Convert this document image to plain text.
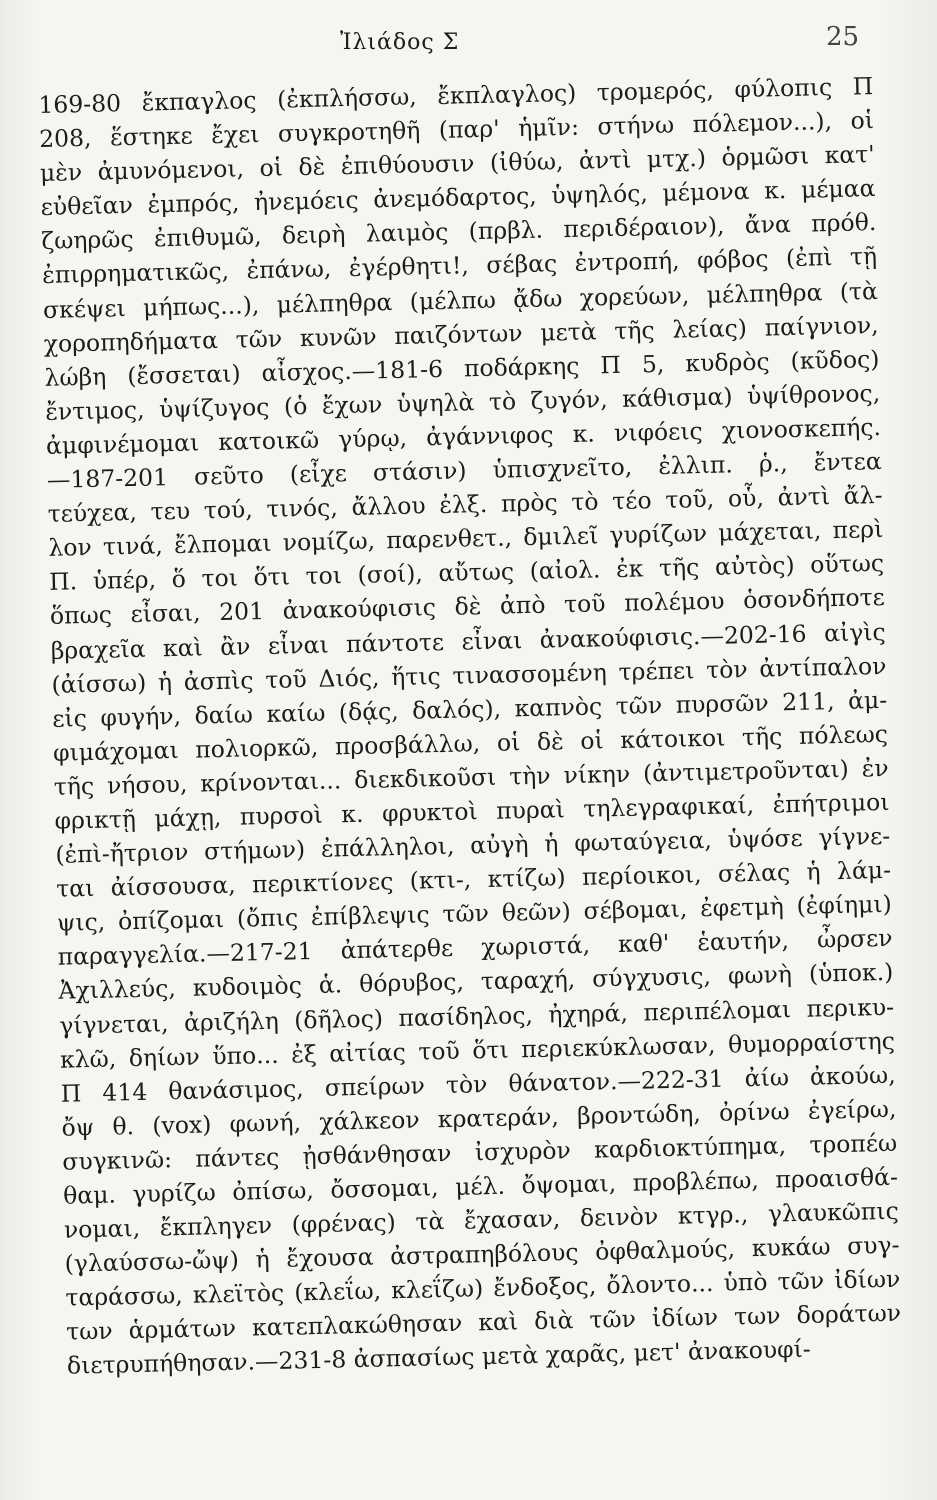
Ἰλιάδος Σ	25
169-80 ἔκπαγλος (ἐκπλήσσω, ἔκπλαγλος) τρομερός, φύλοπις Π
208, ἕστηκε ἔχει συγκροτηθῆ (παρ' ἡμῖν: στήνω πόλεμον...), οἱ
μὲν ἀμυνόμενοι, οἱ δὲ ἐπιθύουσιν (ἰθύω, ἀντὶ μτχ.) ὁρμῶσι κατ'
εὐθεῖαν ἐμπρός, ἠνεμόεις ἀνεμόδαρτος, ὑψηλός, μέμονα κ. μέμαα
ζωηρῶς ἐπιθυμῶ, δειρὴ λαιμὸς (πρβλ. περιδέραιον), ἄνα πρόθ.
ἐπιρρηματικῶς, ἐπάνω, ἐγέρθητι!, σέβας ἐντροπή, φόβος (ἐπὶ τῇ
σκέψει μήπως...), μέλπηθρα (μέλπω ᾄδω χορεύων, μέλπηθρα (τὰ
χοροπηδήματα τῶν κυνῶν παιζόντων μετὰ τῆς λείας) παίγνιον,
λώβη (ἔσσεται) αἶσχος.—181-6 ποδάρκης Π 5, κυδρὸς (κῦδος)
ἔντιμος, ὑψίζυγος (ὁ ἔχων ὑψηλὰ τὸ ζυγόν, κάθισμα) ὑψίθρονος,
ἀμφινέμομαι κατοικῶ γύρῳ, ἀγάννιφος κ. νιφόεις χιονοσκεπής.
—187-201 σεῦτο (εἶχε στάσιν) ὑπισχνεῖτο, ἐλλιπ. ῥ., ἔντεα
τεύχεα, τευ τού, τινός, ἄλλου ἐλξ. πρὸς τὸ τέο τοῦ, οὗ, ἀντὶ ἄλ-
λον τινά, ἔλπομαι νομίζω, παρενθετ., δμιλεῖ γυρίζων μάχεται, περὶ
Π. ὑπέρ, ὅ τοι ὅτι τοι (σοί), αὔτως (αἰολ. ἐκ τῆς αὐτὸς) οὕτως
ὅπως εἶσαι, 201 ἀνακούφισις δὲ ἀπὸ τοῦ πολέμου ὁσονδήποτε
βραχεῖα καὶ ἂν εἶναι πάντοτε εἶναι ἀνακούφισις.—202-16 αἰγὶς
(ἀίσσω) ἡ ἀσπὶς τοῦ Διός, ἥτις τινασσομένη τρέπει τὸν ἀντίπαλον
εἰς φυγήν, δαίω καίω (δᾴς, δαλός), καπνὸς τῶν πυρσῶν 211, ἀμ-
φιμάχομαι πολιορκῶ, προσβάλλω, οἱ δὲ οἱ κάτοικοι τῆς πόλεως
τῆς νήσου, κρίνονται... διεκδικοῦσι τὴν νίκην (ἀντιμετροῦνται) ἐν
φρικτῇ μάχῃ, πυρσοὶ κ. φρυκτοὶ πυραὶ τηλεγραφικαί, ἐπήτριμοι
(ἐπὶ-ἤτριον στήμων) ἐπάλληλοι, αὐγὴ ἡ φωταύγεια, ὑψόσε γίγνε-
ται ἀίσσουσα, περικτίονες (κτι-, κτίζω) περίοικοι, σέλας ἡ λάμ-
ψις, ὀπίζομαι (ὄπις ἐπίβλεψις τῶν θεῶν) σέβομαι, ἐφετμὴ (ἐφίημι)
παραγγελία.—217-21 ἀπάτερθε χωριστά, καθ' ἑαυτήν, ὦρσεν
Ἀχιλλεύς, κυδοιμὸς ἁ. θόρυβος, ταραχή, σύγχυσις, φωνὴ (ὑποκ.)
γίγνεται, ἀριζήλη (δῆλος) πασίδηλος, ἠχηρά, περιπέλομαι περικυ-
κλῶ, δηίων ὕπο... ἐξ αἰτίας τοῦ ὅτι περιεκύκλωσαν, θυμορραίστης
Π 414 θανάσιμος, σπείρων τὸν θάνατον.—222-31 ἀίω ἀκούω,
ὄψ θ. (vox) φωνή, χάλκεον κρατεράν, βροντώδη, ὀρίνω ἐγείρω,
συγκινῶ: πάντες ᾐσθάνθησαν ἰσχυρὸν καρδιοκτύπημα, τροπέω
θαμ. γυρίζω ὀπίσω, ὄσσομαι, μέλ. ὄψομαι, προβλέπω, προαισθά-
νομαι, ἔκπληγεν (φρένας) τὰ ἔχασαν, δεινὸν κτγρ., γλαυκῶπις
(γλαύσσω-ὤψ) ἡ ἔχουσα ἀστραπηβόλους ὀφθαλμούς, κυκάω συγ-
ταράσσω, κλεϊτὸς (κλεΐω, κλεΐζω) ἔνδοξος, ὄλοντο... ὑπὸ τῶν ἰδίων
των ἁρμάτων κατεπλακώθησαν καὶ διὰ τῶν ἰδίων των δοράτων
διετρυπήθησαν.—231-8 ἀσπασίως μετὰ χαρᾶς, μετ' ἀνακουφί-
